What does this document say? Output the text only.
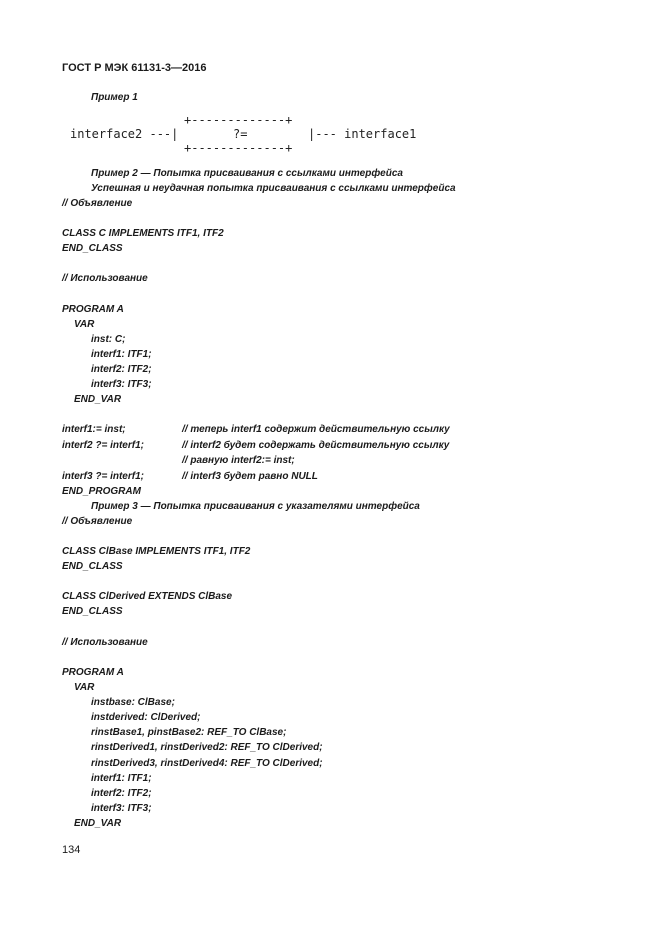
ГОСТ Р МЭК 61131-3—2016
Пример 1
+-------------+
interface2 ---|	?=	|--- interface1
+-------------+
Пример 2 — Попытка присваивания с ссылками интерфейса
Успешная и неудачная попытка присваивания с ссылками интерфейса
// Объявление
CLASS C IMPLEMENTS ITF1, ITF2
END_CLASS
// Использование
PROGRAM A
VAR
inst: C;
interf1: ITF1;
interf2: ITF2;
interf3: ITF3;
END_VAR
interf1:= inst;	// теперь interf1 содержит действительную ссылку
interf2 ?= interf1;	// interf2 будет содержать действительную ссылку
// равную interf2:= inst;
interf3 ?= interf1;	// interf3 будет равно NULL
END_PROGRAM
Пример 3 — Попытка присваивания с указателями интерфейса
// Объявление
CLASS ClBase IMPLEMENTS ITF1, ITF2
END_CLASS
CLASS ClDerived EXTENDS ClBase
END_CLASS
// Использование
PROGRAM A
VAR
instbase: ClBase;
instderived: ClDerived;
rinstBase1, pinstBase2: REF_TO ClBase;
rinstDerived1, rinstDerived2: REF_TO ClDerived;
rinstDerived3, rinstDerived4: REF_TO ClDerived;
interf1: ITF1;
interf2: ITF2;
interf3: ITF3;
END_VAR
134
